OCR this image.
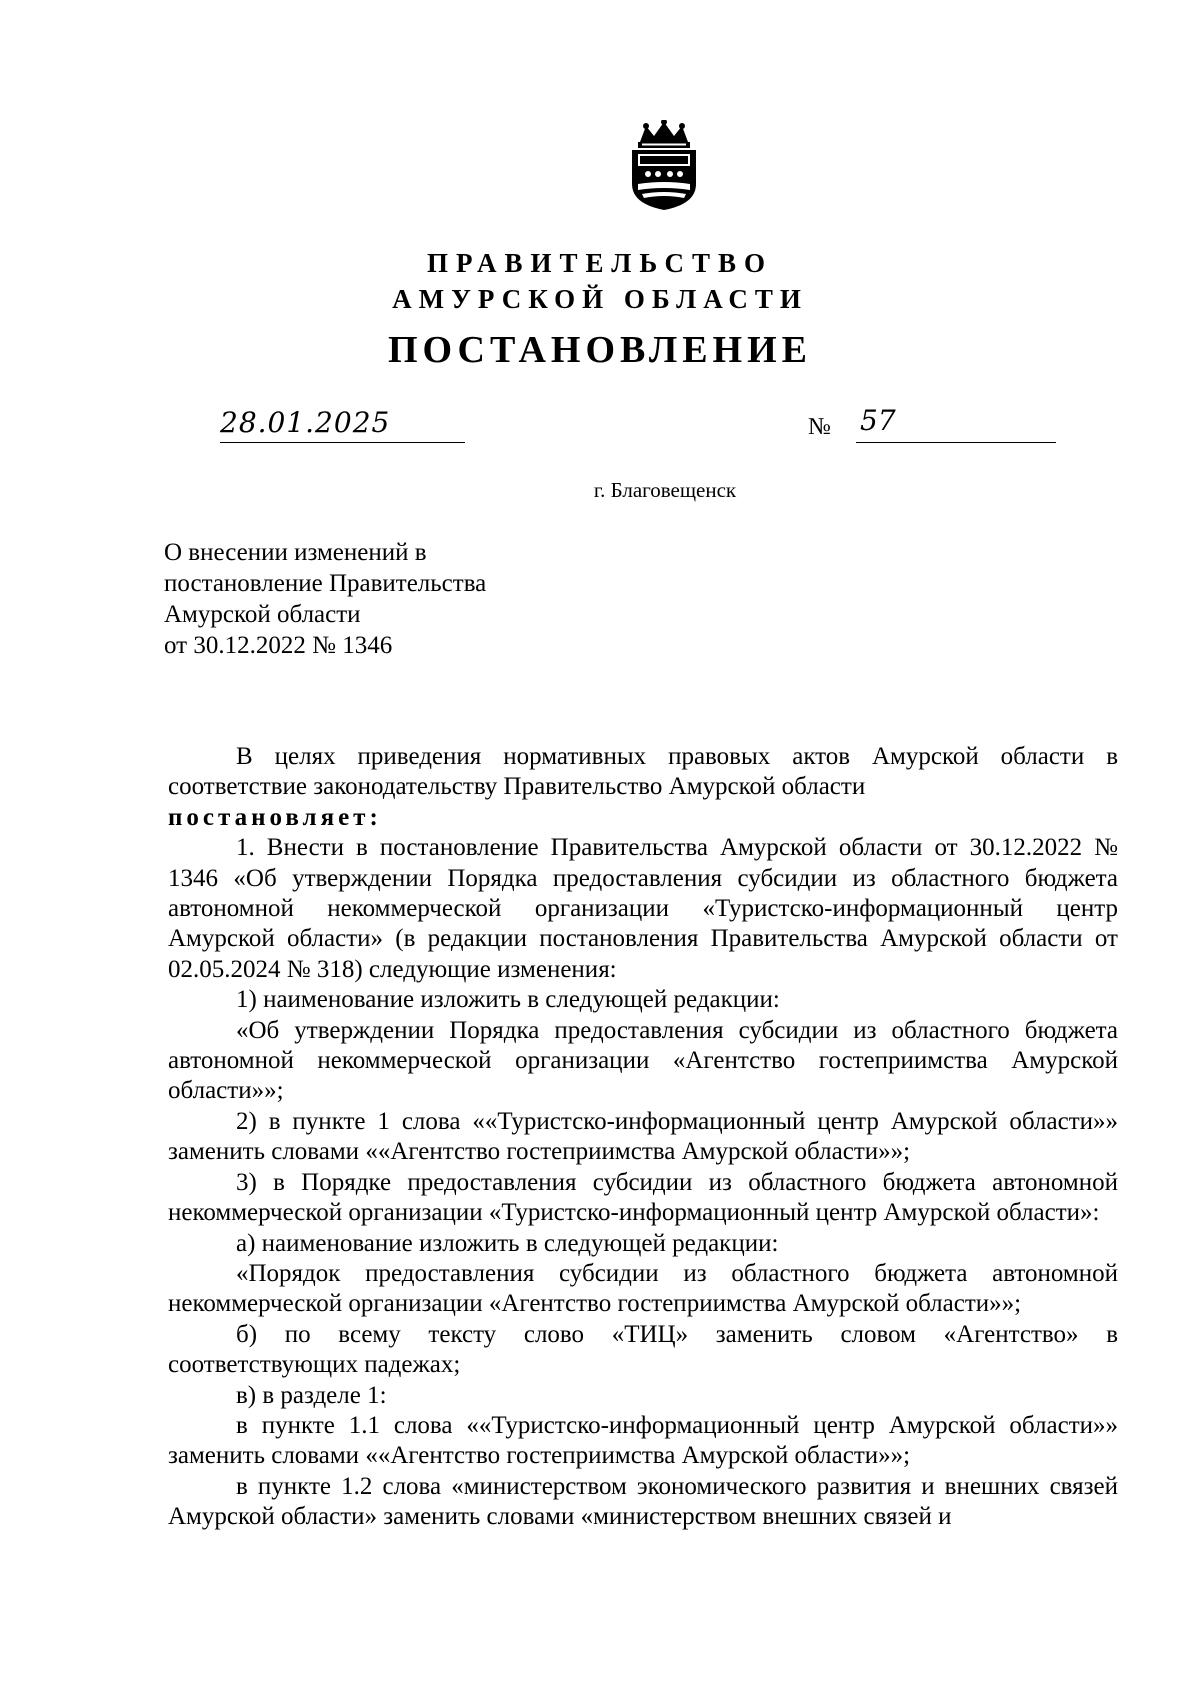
ПРАВИТЕЛЬСТВО
АМУРСКОЙ ОБЛАСТИ
ПОСТАНОВЛЕНИЕ
28.01.2025	№ 57
г. Благовещенск
О внесении изменений в
постановление Правительства
Амурской области
от 30.12.2022 № 1346

В целях приведения нормативных правовых актов Амурской области в соответствие законодательству Правительство Амурской области

постановляет:

1. Внести в постановление Правительства Амурской области от 30.12.2022 № 1346 «Об утверждении Порядка предоставления субсидии из областного бюджета автономной некоммерческой организации «Туристско-информационный центр Амурской области» (в редакции постановления Правительства Амурской области от 02.05.2024 № 318) следующие изменения:

1) наименование изложить в следующей редакции:

«Об утверждении Порядка предоставления субсидии из областного бюджета автономной некоммерческой организации «Агентство гостеприимства Амурской области»»;

2) в пункте 1 слова ««Туристско-информационный центр Амурской области»» заменить словами ««Агентство гостеприимства Амурской области»»;

3) в Порядке предоставления субсидии из областного бюджета автономной некоммерческой организации «Туристско-информационный центр Амурской области»:

а) наименование изложить в следующей редакции:

«Порядок предоставления субсидии из областного бюджета автономной некоммерческой организации «Агентство гостеприимства Амурской области»»;

б) по всему тексту слово «ТИЦ» заменить словом «Агентство» в соответствующих падежах;

в) в разделе 1:

в пункте 1.1 слова ««Туристско-информационный центр Амурской области»» заменить словами ««Агентство гостеприимства Амурской области»»;

в пункте 1.2 слова «министерством экономического развития и внешних связей Амурской области» заменить словами «министерством внешних связей и
